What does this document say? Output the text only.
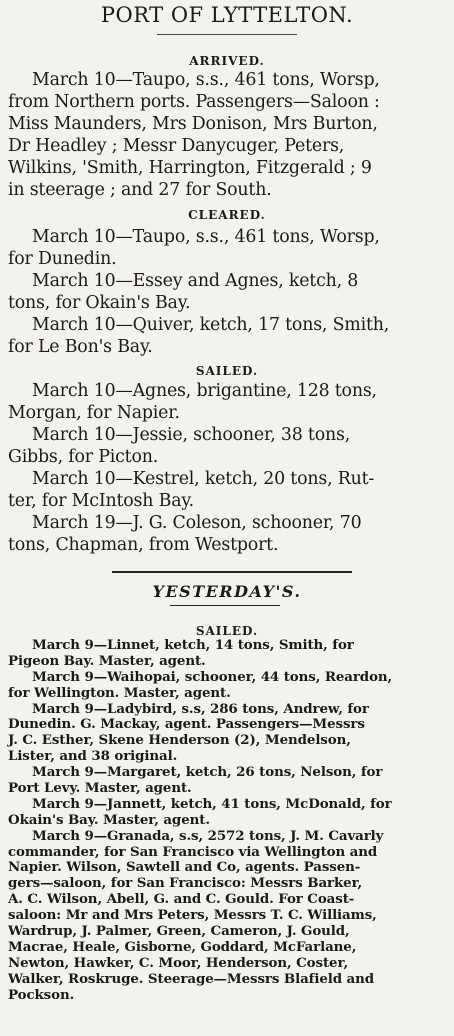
PORT OF LYTTELTON.
ARRIVED.
March 10—Taupo, s.s., 461 tons, Worsp,
from Northern ports. Passengers—Saloon :
Miss Maunders, Mrs Donison, Mrs Burton,
Dr Headley ; Messr Danycuger, Peters,
Wilkins, 'Smith, Harrington, Fitzgerald ; 9
in steerage ; and 27 for South.
CLEARED.
March 10—Taupo, s.s., 461 tons, Worsp,
for Dunedin.
March 10—Essey and Agnes, ketch, 8
tons, for Okain's Bay.
March 10—Quiver, ketch, 17 tons, Smith,
for Le Bon's Bay.
SAILED.
March 10—Agnes, brigantine, 128 tons,
Morgan, for Napier.
March 10—Jessie, schooner, 38 tons,
Gibbs, for Picton.
March 10—Kestrel, ketch, 20 tons, Rut-
ter, for McIntosh Bay.
March 19—J. G. Coleson, schooner, 70
tons, Chapman, from Westport.
YESTERDAY'S.
SAILED.
March 9—Linnet, ketch, 14 tons, Smith, for
Pigeon Bay. Master, agent.
March 9—Waihopai, schooner, 44 tons, Reardon,
for Wellington. Master, agent.
March 9—Ladybird, s.s, 286 tons, Andrew, for
Dunedin. G. Mackay, agent. Passengers—Messrs
J. C. Esther, Skene Henderson (2), Mendelson,
Lister, and 38 original.
March 9—Margaret, ketch, 26 tons, Nelson, for
Port Levy. Master, agent.
March 9—Jannett, ketch, 41 tons, McDonald, for
Okain's Bay. Master, agent.
March 9—Granada, s.s, 2572 tons, J. M. Cavarly
commander, for San Francisco via Wellington and
Napier. Wilson, Sawtell and Co, agents. Passen-
gers—saloon, for San Francisco: Messrs Barker,
A. C. Wilson, Abell, G. and C. Gould. For Coast-
saloon: Mr and Mrs Peters, Messrs T. C. Williams,
Wardrup, J. Palmer, Green, Cameron, J. Gould,
Macrae, Heale, Gisborne, Goddard, McFarlane,
Newton, Hawker, C. Moor, Henderson, Coster,
Walker, Roskruge. Steerage—Messrs Blafield and
Pockson.
